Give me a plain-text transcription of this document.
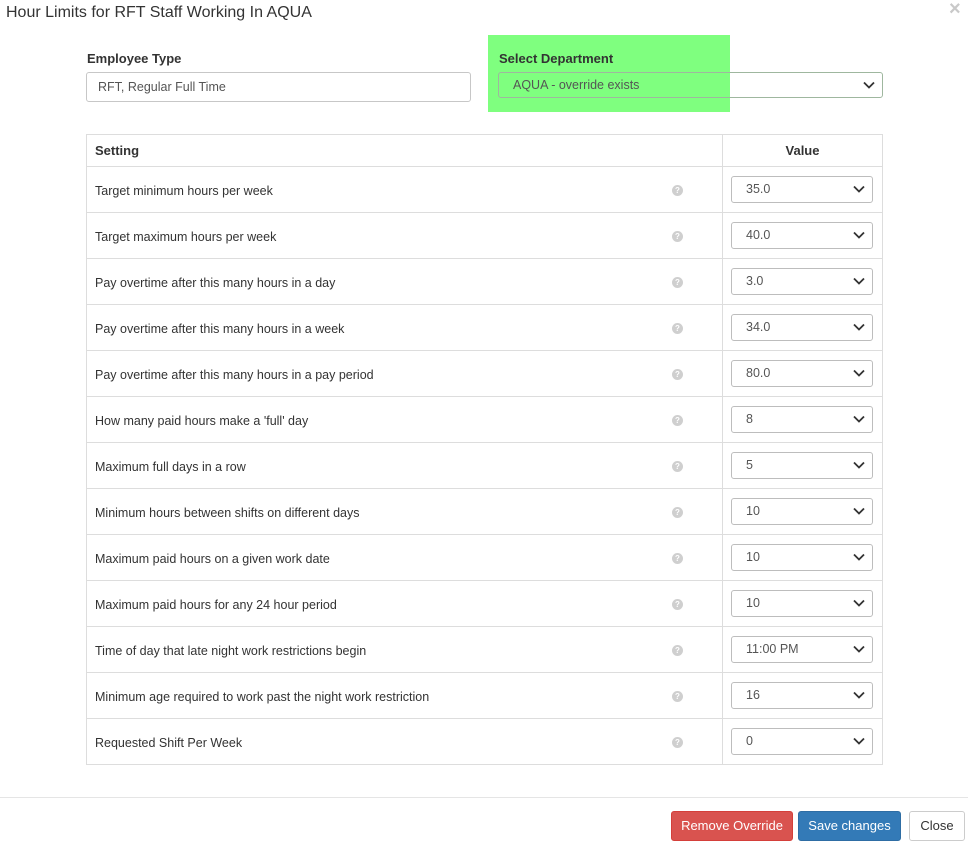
Hour Limits for RFT Staff Working In AQUA	×
Employee Type
RFT, Regular Full Time
Select Department
AQUA - override exists
Setting	Value

Target minimum hours per week ?	35.0

Target maximum hours per week ?	40.0

Pay overtime after this many hours in a day ?	3.0

Pay overtime after this many hours in a week ?	34.0

Pay overtime after this many hours in a pay period ?	80.0

How many paid hours make a 'full' day ?	8

Maximum full days in a row ?	5

Minimum hours between shifts on different days ?	10

Maximum paid hours on a given work date ?	10

Maximum paid hours for any 24 hour period ?	10

Time of day that late night work restrictions begin ?	11:00 PM

Minimum age required to work past the night work restriction ?	16

Requested Shift Per Week ?	0
Remove Override	Save changes	Close
